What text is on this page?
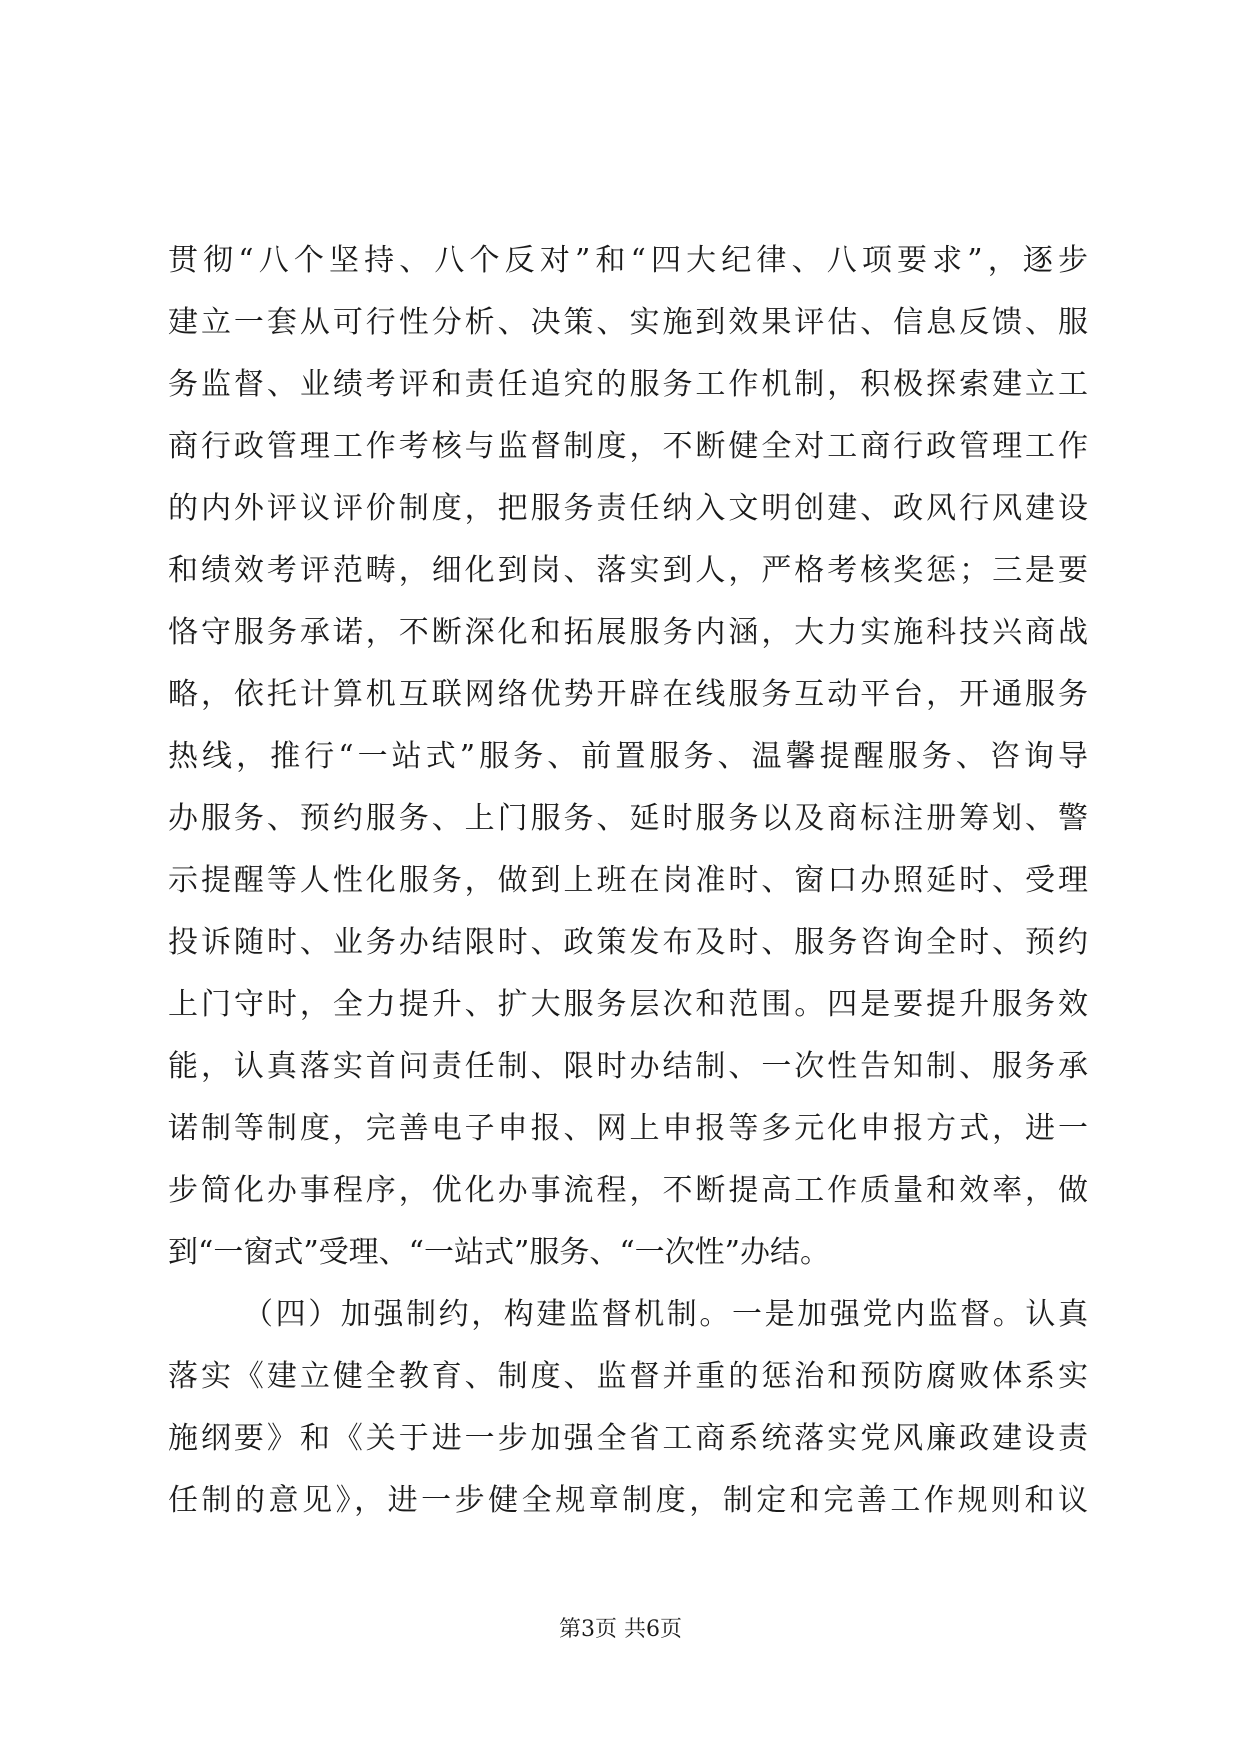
贯彻“八个坚持、八个反对”和“四大纪律、八项要求”，逐步
建立一套从可行性分析、决策、实施到效果评估、信息反馈、服
务监督、业绩考评和责任追究的服务工作机制，积极探索建立工
商行政管理工作考核与监督制度，不断健全对工商行政管理工作
的内外评议评价制度，把服务责任纳入文明创建、政风行风建设
和绩效考评范畴，细化到岗、落实到人，严格考核奖惩；三是要
恪守服务承诺，不断深化和拓展服务内涵，大力实施科技兴商战
略，依托计算机互联网络优势开辟在线服务互动平台，开通服务
热线，推行“一站式”服务、前置服务、温馨提醒服务、咨询导
办服务、预约服务、上门服务、延时服务以及商标注册筹划、警
示提醒等人性化服务，做到上班在岗准时、窗口办照延时、受理
投诉随时、业务办结限时、政策发布及时、服务咨询全时、预约
上门守时，全力提升、扩大服务层次和范围。四是要提升服务效
能，认真落实首问责任制、限时办结制、一次性告知制、服务承
诺制等制度，完善电子申报、网上申报等多元化申报方式，进一
步简化办事程序，优化办事流程，不断提高工作质量和效率，做
到“一窗式”受理、“一站式”服务、“一次性”办结。
（四）加强制约，构建监督机制。一是加强党内监督。认真
落实《建立健全教育、制度、监督并重的惩治和预防腐败体系实
施纲要》和《关于进一步加强全省工商系统落实党风廉政建设责
任制的意见》，进一步健全规章制度，制定和完善工作规则和议
第3页 共6页
